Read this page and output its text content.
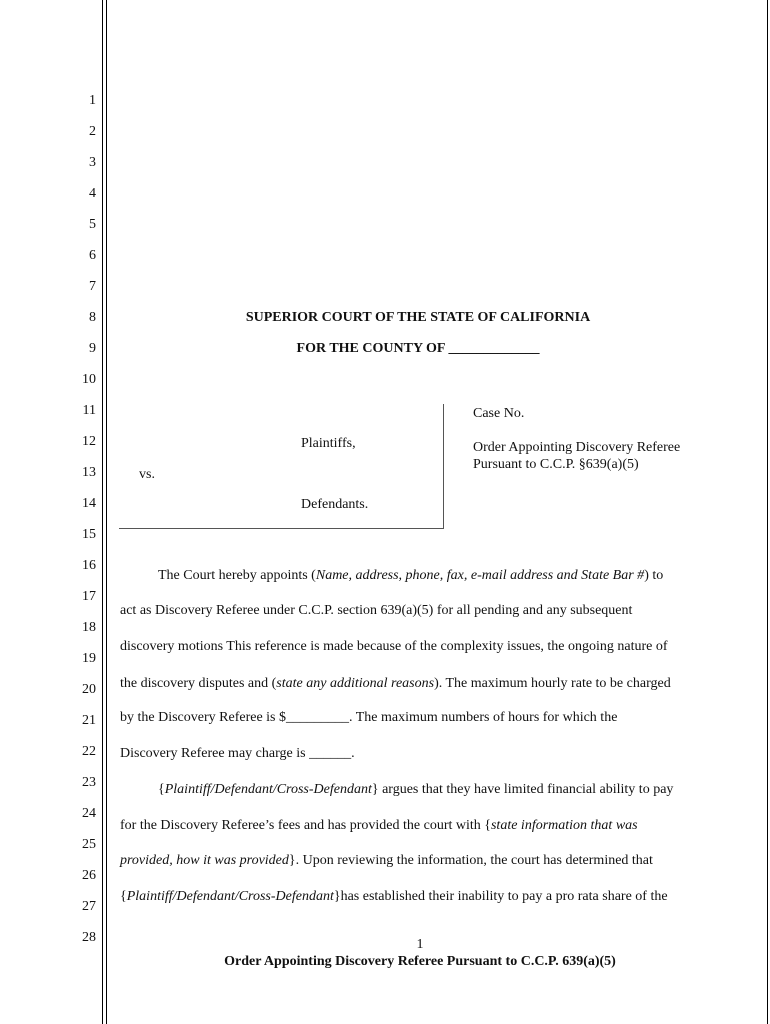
1
2
3
4
5
6
7
8
9
10
11
12
13
14
15
16
17
18
19
20
21
22
23
24
25
26
27
28
SUPERIOR COURT OF THE STATE OF CALIFORNIA
FOR THE COUNTY OF _____________
Plaintiffs,
vs.
Defendants.
Case No.
Order Appointing Discovery Referee
Pursuant to C.C.P. §639(a)(5)
The Court hereby appoints (Name, address, phone, fax, e-mail address and State Bar #) to
act as Discovery Referee under C.C.P. section 639(a)(5) for all pending and any subsequent
discovery motions This reference is made because of the complexity issues, the ongoing nature of
the discovery disputes and (state any additional reasons). The maximum hourly rate to be charged
by the Discovery Referee is $_________. The maximum numbers of hours for which the
Discovery Referee may charge is ______.
{Plaintiff/Defendant/Cross-Defendant} argues that they have limited financial ability to pay
for the Discovery Referee’s fees and has provided the court with {state information that was
provided, how it was provided}. Upon reviewing the information, the court has determined that
{Plaintiff/Defendant/Cross-Defendant}has established their inability to pay a pro rata share of the
1
Order Appointing Discovery Referee Pursuant to C.C.P. 639(a)(5)
